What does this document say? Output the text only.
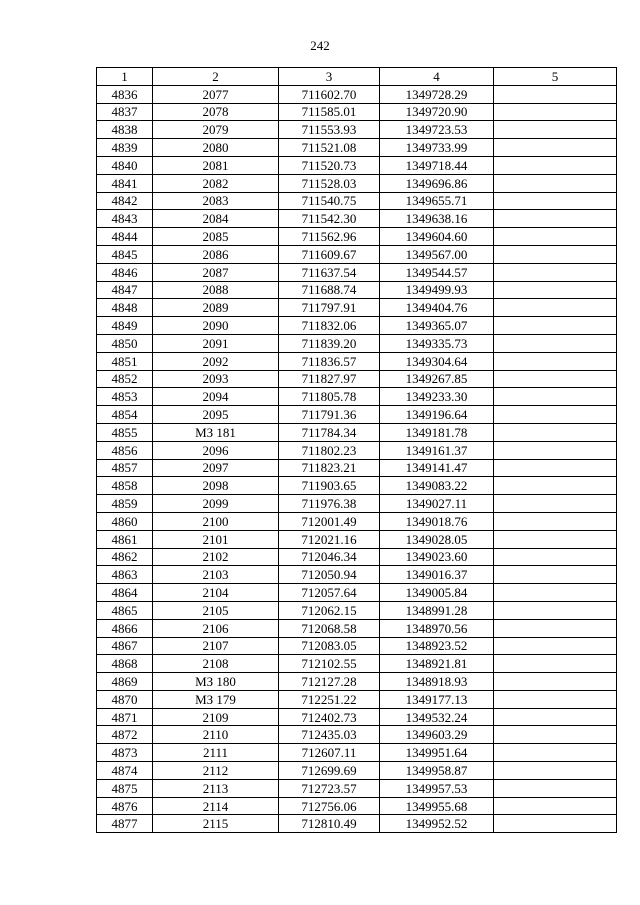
242
1	2	3	4	5
4836	2077	711602.70	1349728.29	
4837	2078	711585.01	1349720.90	
4838	2079	711553.93	1349723.53	
4839	2080	711521.08	1349733.99	
4840	2081	711520.73	1349718.44	
4841	2082	711528.03	1349696.86	
4842	2083	711540.75	1349655.71	
4843	2084	711542.30	1349638.16	
4844	2085	711562.96	1349604.60	
4845	2086	711609.67	1349567.00	
4846	2087	711637.54	1349544.57	
4847	2088	711688.74	1349499.93	
4848	2089	711797.91	1349404.76	
4849	2090	711832.06	1349365.07	
4850	2091	711839.20	1349335.73	
4851	2092	711836.57	1349304.64	
4852	2093	711827.97	1349267.85	
4853	2094	711805.78	1349233.30	
4854	2095	711791.36	1349196.64	
4855	МЗ 181	711784.34	1349181.78	
4856	2096	711802.23	1349161.37	
4857	2097	711823.21	1349141.47	
4858	2098	711903.65	1349083.22	
4859	2099	711976.38	1349027.11	
4860	2100	712001.49	1349018.76	
4861	2101	712021.16	1349028.05	
4862	2102	712046.34	1349023.60	
4863	2103	712050.94	1349016.37	
4864	2104	712057.64	1349005.84	
4865	2105	712062.15	1348991.28	
4866	2106	712068.58	1348970.56	
4867	2107	712083.05	1348923.52	
4868	2108	712102.55	1348921.81	
4869	МЗ 180	712127.28	1348918.93	
4870	МЗ 179	712251.22	1349177.13	
4871	2109	712402.73	1349532.24	
4872	2110	712435.03	1349603.29	
4873	2111	712607.11	1349951.64	
4874	2112	712699.69	1349958.87	
4875	2113	712723.57	1349957.53	
4876	2114	712756.06	1349955.68	
4877	2115	712810.49	1349952.52	
